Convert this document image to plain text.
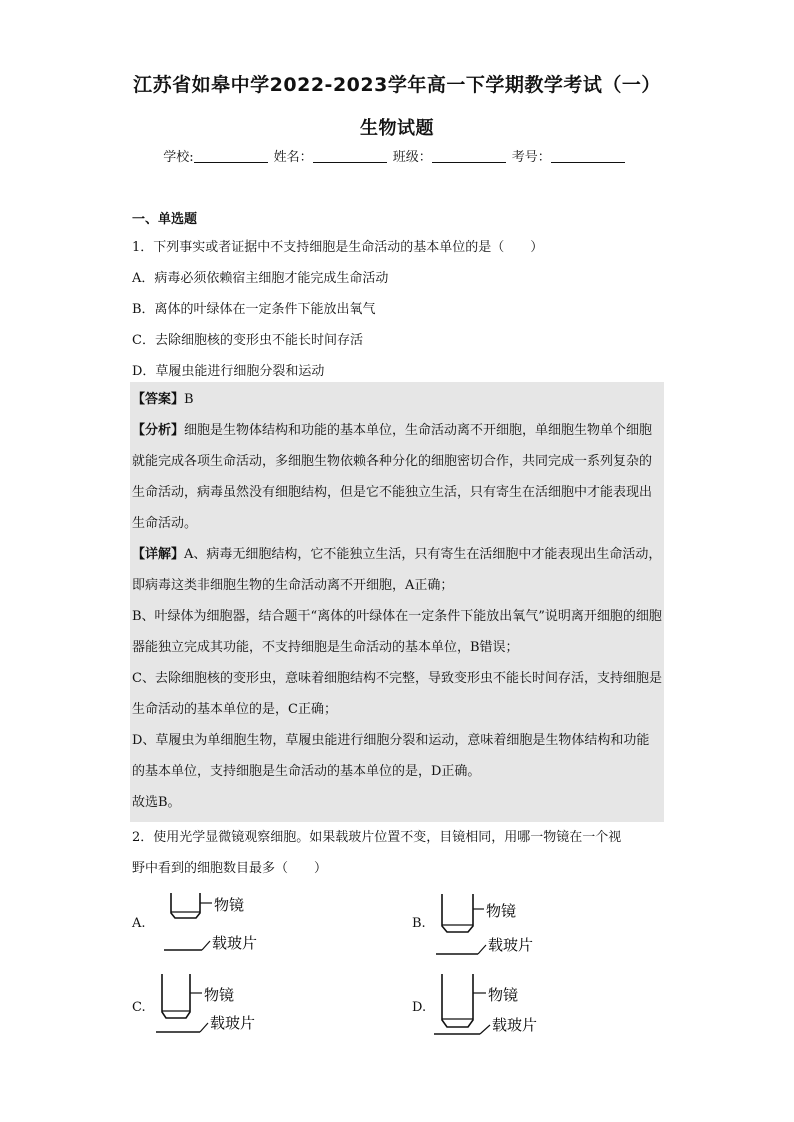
江苏省如皋中学2022-2023学年高一下学期教学考试（一）
生物试题
学校:	姓名：	班级：	考号：
一、单选题
1．下列事实或者证据中不支持细胞是生命活动的基本单位的是（　　）
A．病毒必须依赖宿主细胞才能完成生命活动
B．离体的叶绿体在一定条件下能放出氧气
C．去除细胞核的变形虫不能长时间存活
D．草履虫能进行细胞分裂和运动
【答案】B
【分析】细胞是生物体结构和功能的基本单位，生命活动离不开细胞，单细胞生物单个细胞就能完成各项生命活动，多细胞生物依赖各种分化的细胞密切合作，共同完成一系列复杂的生命活动，病毒虽然没有细胞结构，但是它不能独立生活，只有寄生在活细胞中才能表现出生命活动。
【详解】A、病毒无细胞结构，它不能独立生活，只有寄生在活细胞中才能表现出生命活动，即病毒这类非细胞生物的生命活动离不开细胞，A正确；
B、叶绿体为细胞器，结合题干“离体的叶绿体在一定条件下能放出氧气”说明离开细胞的细胞器能独立完成其功能，不支持细胞是生命活动的基本单位，B错误；
C、去除细胞核的变形虫，意味着细胞结构不完整，导致变形虫不能长时间存活，支持细胞是生命活动的基本单位的是，C正确；
D、草履虫为单细胞生物，草履虫能进行细胞分裂和运动，意味着细胞是生物体结构和功能的基本单位，支持细胞是生命活动的基本单位的是，D正确。
故选B。
2．使用光学显微镜观察细胞。如果载玻片位置不变，目镜相同，用哪一物镜在一个视
野中看到的细胞数目最多（　　）
A.
物镜
载玻片
B.
物镜
载玻片
C.
物镜
载玻片
D.
物镜
载玻片
